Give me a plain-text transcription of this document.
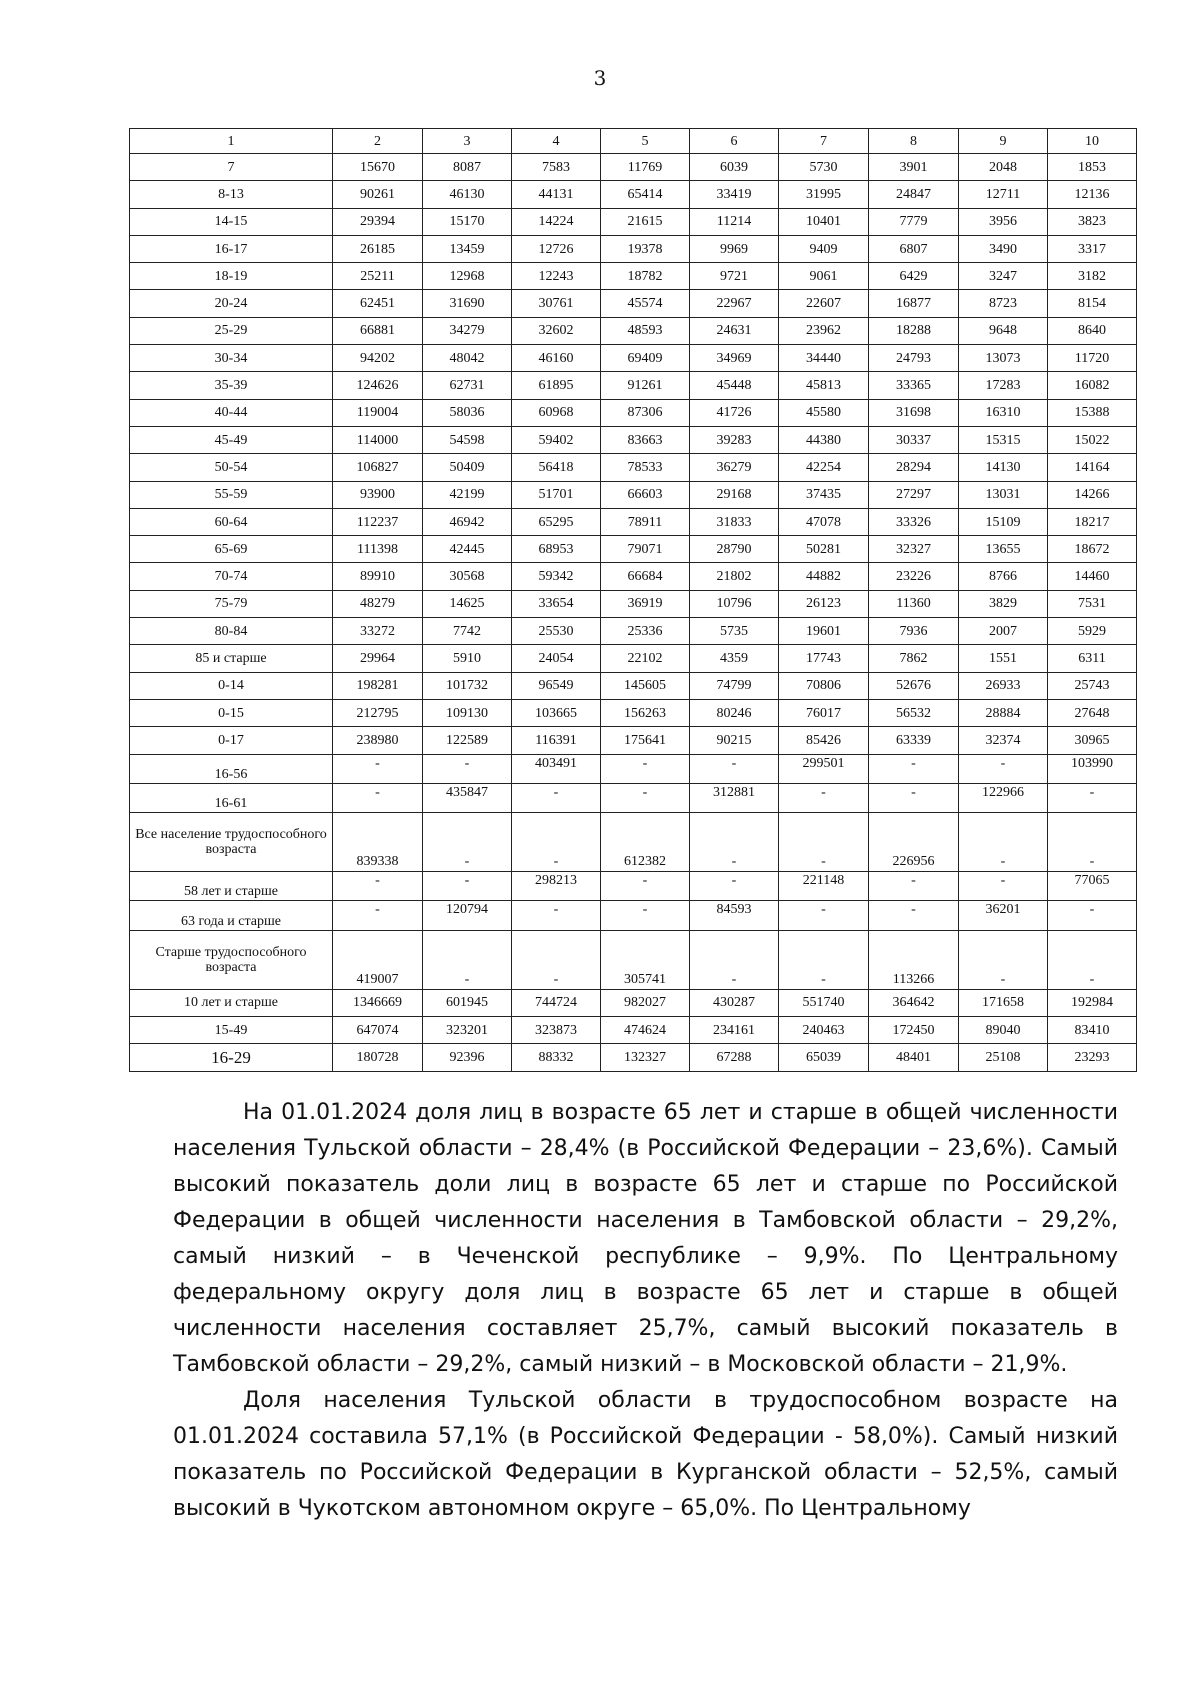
3
1	2	3	4	5	6	7	8	9	10
7	15670	8087	7583	11769	6039	5730	3901	2048	1853
8-13	90261	46130	44131	65414	33419	31995	24847	12711	12136
14-15	29394	15170	14224	21615	11214	10401	7779	3956	3823
16-17	26185	13459	12726	19378	9969	9409	6807	3490	3317
18-19	25211	12968	12243	18782	9721	9061	6429	3247	3182
20-24	62451	31690	30761	45574	22967	22607	16877	8723	8154
25-29	66881	34279	32602	48593	24631	23962	18288	9648	8640
30-34	94202	48042	46160	69409	34969	34440	24793	13073	11720
35-39	124626	62731	61895	91261	45448	45813	33365	17283	16082
40-44	119004	58036	60968	87306	41726	45580	31698	16310	15388
45-49	114000	54598	59402	83663	39283	44380	30337	15315	15022
50-54	106827	50409	56418	78533	36279	42254	28294	14130	14164
55-59	93900	42199	51701	66603	29168	37435	27297	13031	14266
60-64	112237	46942	65295	78911	31833	47078	33326	15109	18217
65-69	111398	42445	68953	79071	28790	50281	32327	13655	18672
70-74	89910	30568	59342	66684	21802	44882	23226	8766	14460
75-79	48279	14625	33654	36919	10796	26123	11360	3829	7531
80-84	33272	7742	25530	25336	5735	19601	7936	2007	5929
85 и старше	29964	5910	24054	22102	4359	17743	7862	1551	6311
0-14	198281	101732	96549	145605	74799	70806	52676	26933	25743
0-15	212795	109130	103665	156263	80246	76017	56532	28884	27648
0-17	238980	122589	116391	175641	90215	85426	63339	32374	30965
16-56	-	-	403491	-	-	299501	-	-	103990
16-61	-	435847	-	-	312881	-	-	122966	-
Все население трудоспособного возраста	839338	-	-	612382	-	-	226956	-	-
58 лет и старше	-	-	298213	-	-	221148	-	-	77065
63 года и старше	-	120794	-	-	84593	-	-	36201	-
Старше трудоспособного возраста	419007	-	-	305741	-	-	113266	-	-
10 лет и старше	1346669	601945	744724	982027	430287	551740	364642	171658	192984
15-49	647074	323201	323873	474624	234161	240463	172450	89040	83410
16-29	180728	92396	88332	132327	67288	65039	48401	25108	23293

На 01.01.2024 доля лиц в возрасте 65 лет и старше в общей численности населения Тульской области – 28,4% (в Российской Федерации – 23,6%). Самый высокий показатель доли лиц в возрасте 65 лет и старше по Российской Федерации в общей численности населения в Тамбовской области – 29,2%, самый низкий – в Чеченской республике – 9,9%. По Центральному федеральному округу доля лиц в возрасте 65 лет и старше в общей численности населения составляет 25,7%, самый высокий показатель в Тамбовской области – 29,2%, самый низкий – в Московской области – 21,9%.

Доля населения Тульской области в трудоспособном возрасте на 01.01.2024 составила 57,1% (в Российской Федерации - 58,0%). Самый низкий показатель по Российской Федерации в Курганской области – 52,5%, самый высокий в Чукотском автономном округе – 65,0%. По Центральному
